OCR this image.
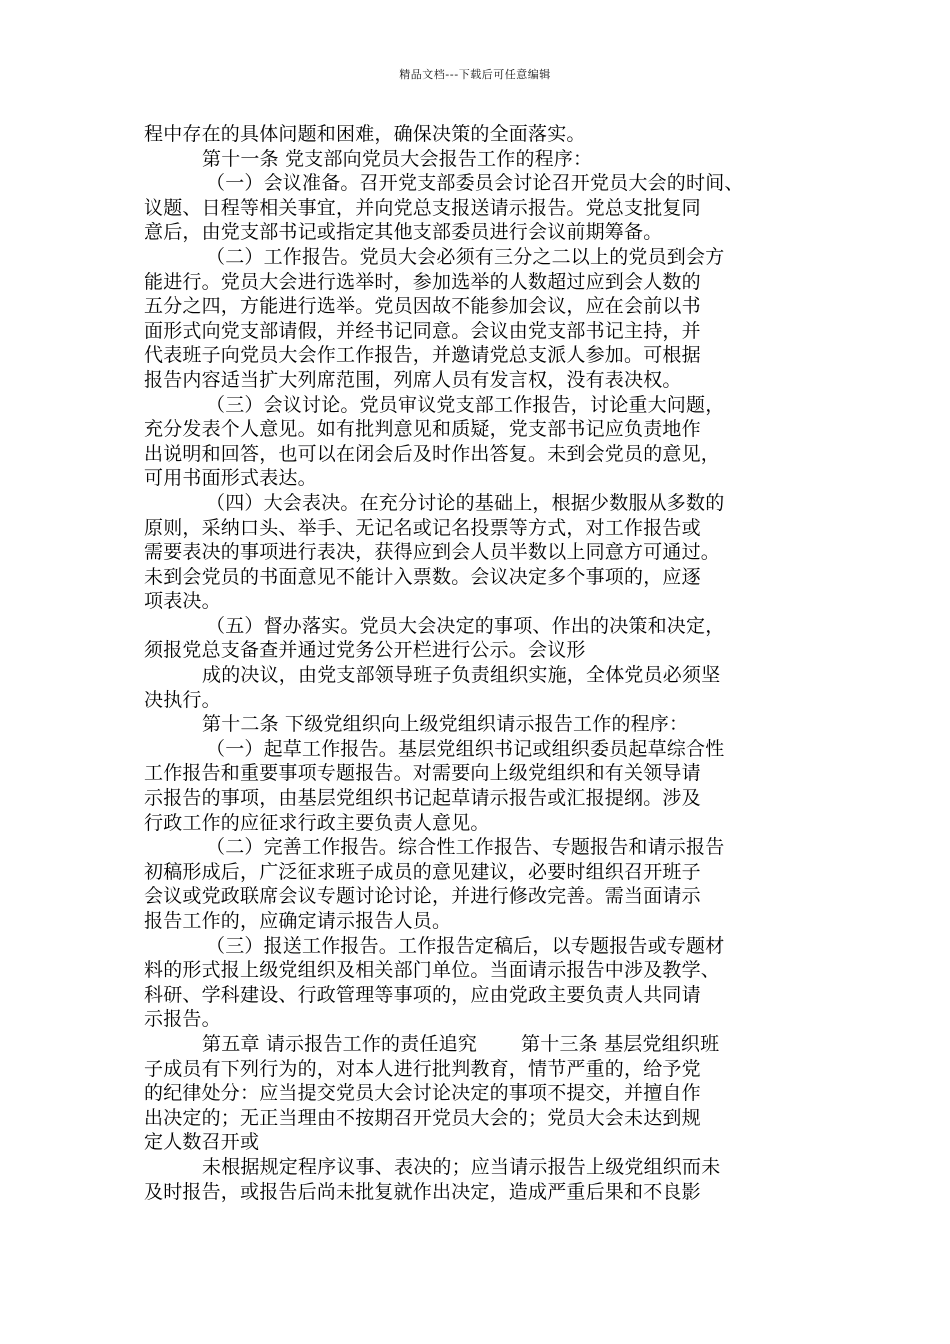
精品文档---下载后可任意编辑
程中存在的具体问题和困难，确保决策的全面落实。
第十一条 党支部向党员大会报告工作的程序：
（一）会议准备。召开党支部委员会讨论召开党员大会的时间、
议题、日程等相关事宜，并向党总支报送请示报告。党总支批复同
意后，由党支部书记或指定其他支部委员进行会议前期筹备。
（二）工作报告。党员大会必须有三分之二以上的党员到会方
能进行。党员大会进行选举时，参加选举的人数超过应到会人数的
五分之四，方能进行选举。党员因故不能参加会议，应在会前以书
面形式向党支部请假，并经书记同意。会议由党支部书记主持，并
代表班子向党员大会作工作报告，并邀请党总支派人参加。可根据
报告内容适当扩大列席范围，列席人员有发言权，没有表决权。
（三）会议讨论。党员审议党支部工作报告，讨论重大问题，
充分发表个人意见。如有批判意见和质疑，党支部书记应负责地作
出说明和回答，也可以在闭会后及时作出答复。未到会党员的意见，
可用书面形式表达。
（四）大会表决。在充分讨论的基础上，根据少数服从多数的
原则，采纳口头、举手、无记名或记名投票等方式，对工作报告或
需要表决的事项进行表决，获得应到会人员半数以上同意方可通过。
未到会党员的书面意见不能计入票数。会议决定多个事项的，应逐
项表决。
（五）督办落实。党员大会决定的事项、作出的决策和决定，
须报党总支备查并通过党务公开栏进行公示。会议形
成的决议，由党支部领导班子负责组织实施，全体党员必须坚
决执行。
第十二条 下级党组织向上级党组织请示报告工作的程序：
（一）起草工作报告。基层党组织书记或组织委员起草综合性
工作报告和重要事项专题报告。对需要向上级党组织和有关领导请
示报告的事项，由基层党组织书记起草请示报告或汇报提纲。涉及
行政工作的应征求行政主要负责人意见。
（二）完善工作报告。综合性工作报告、专题报告和请示报告
初稿形成后，广泛征求班子成员的意见建议，必要时组织召开班子
会议或党政联席会议专题讨论讨论，并进行修改完善。需当面请示
报告工作的，应确定请示报告人员。
（三）报送工作报告。工作报告定稿后，以专题报告或专题材
料的形式报上级党组织及相关部门单位。当面请示报告中涉及教学、
科研、学科建设、行政管理等事项的，应由党政主要负责人共同请
示报告。
第五章 请示报告工作的责任追究 第十三条 基层党组织班
子成员有下列行为的，对本人进行批判教育，情节严重的，给予党
的纪律处分：应当提交党员大会讨论决定的事项不提交，并擅自作
出决定的；无正当理由不按期召开党员大会的；党员大会未达到规
定人数召开或
未根据规定程序议事、表决的；应当请示报告上级党组织而未
及时报告，或报告后尚未批复就作出决定，造成严重后果和不良影
